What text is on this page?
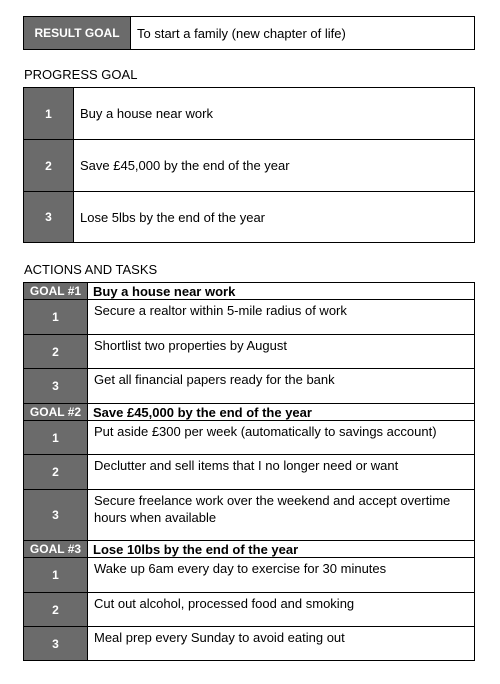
RESULT GOAL	To start a family (new chapter of life)

PROGRESS GOAL

1	Buy a house near work
2	Save £45,000 by the end of the year
3	Lose 5lbs by the end of the year

ACTIONS AND TASKS

GOAL #1	Buy a house near work
1	Secure a realtor within 5-mile radius of work
2	Shortlist two properties by August
3	Get all financial papers ready for the bank
GOAL #2	Save £45,000 by the end of the year
1	Put aside £300 per week (automatically to savings account)
2	Declutter and sell items that I no longer need or want
3	Secure freelance work over the weekend and accept overtime hours when available
GOAL #3	Lose 10lbs by the end of the year
1	Wake up 6am every day to exercise for 30 minutes
2	Cut out alcohol, processed food and smoking
3	Meal prep every Sunday to avoid eating out
